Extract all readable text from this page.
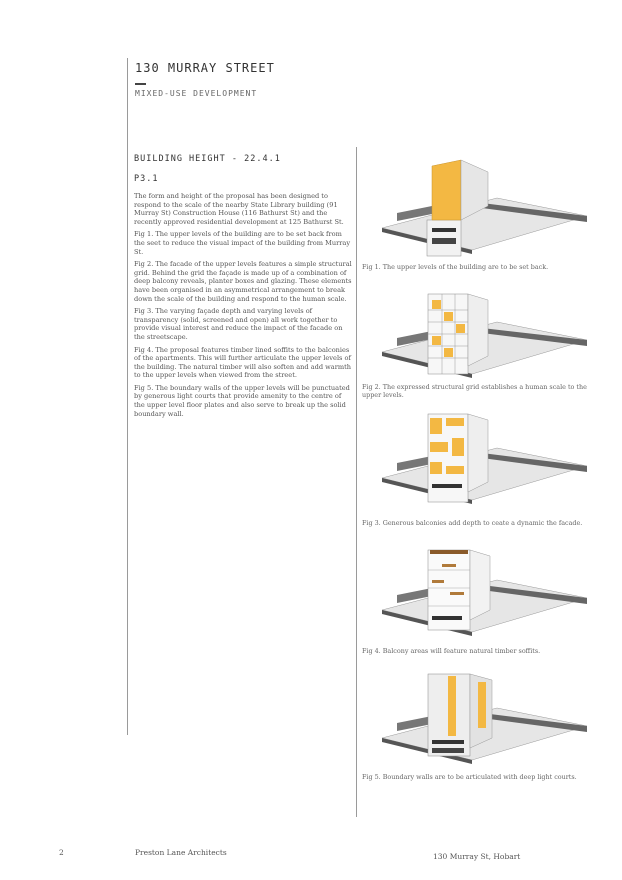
130 MURRAY STREET
MIXED-USE DEVELOPMENT
BUILDING HEIGHT - 22.4.1
P3.1

The form and height of the proposal has been designed to respond to the scale of the nearby State Library building (91 Murray St) Construction House (116 Bathurst St) and the recently approved residential development at 125 Bathurst St.

Fig 1. The upper levels of the building are to be set back from the seet to reduce the visual impact of the building from Murray St.

Fig 2. The facade of the upper levels features a simple structural grid. Behind the grid the façade is made up of a combination of deep balcony reveals, planter boxes and glazing. These elements have been organised in an asymmetrical arrangement to break down the scale of the building and respond to the human scale.

Fig 3. The varying façade depth and varying levels of transparency (solid, screened and open) all work together to provide visual interest and reduce the impact of the facade on the streetscape.

Fig 4. The proposal features timber lined soffits to the balconies of the apartments. This will further articulate the upper levels of the building. The natural timber will also soften and add warmth to the upper levels when viewed from the street.

Fig 5. The boundary walls of the upper levels will be punctuated by generous light courts that provide amenity to the centre of the upper level floor plates and also serve to break up the solid boundary wall.

Fig 1. The upper levels of the building are to be set back.
Fig 2. The expressed structural grid establishes a human scale to the upper levels.
Fig 3. Generous balconies add depth to ceate a dynamic the facade.
Fig 4. Balcony areas will feature natural timber soffits.
Fig 5. Boundary walls are to be articulated with deep light courts.
2	Preston Lane Architects	130 Murray St, Hobart
